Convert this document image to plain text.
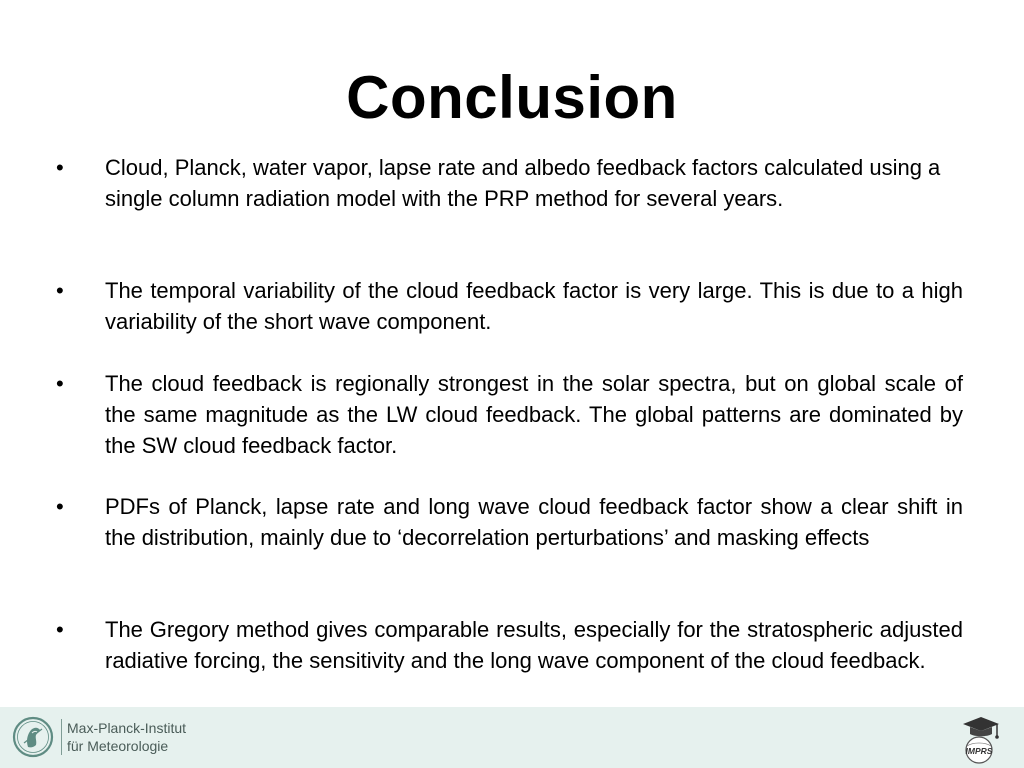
Conclusion
• Cloud, Planck, water vapor, lapse rate and albedo feedback factors calculated using a single column radiation model with the PRP method for several years.
• The temporal variability of the cloud feedback factor is very large. This is due to a high variability of the short wave component.
• The cloud feedback is regionally strongest in the solar spectra, but on global scale of the same magnitude as the LW cloud feedback. The global patterns are dominated by the SW cloud feedback factor.
• PDFs of Planck, lapse rate and long wave cloud feedback factor show a clear shift in the distribution, mainly due to ‘decorrelation perturbations’ and masking effects
• The Gregory method gives comparable results, especially for the stratospheric adjusted radiative forcing, the sensitivity and the long wave component of the cloud feedback.
Max-Planck-Institut
für Meteorologie	IMPRS
